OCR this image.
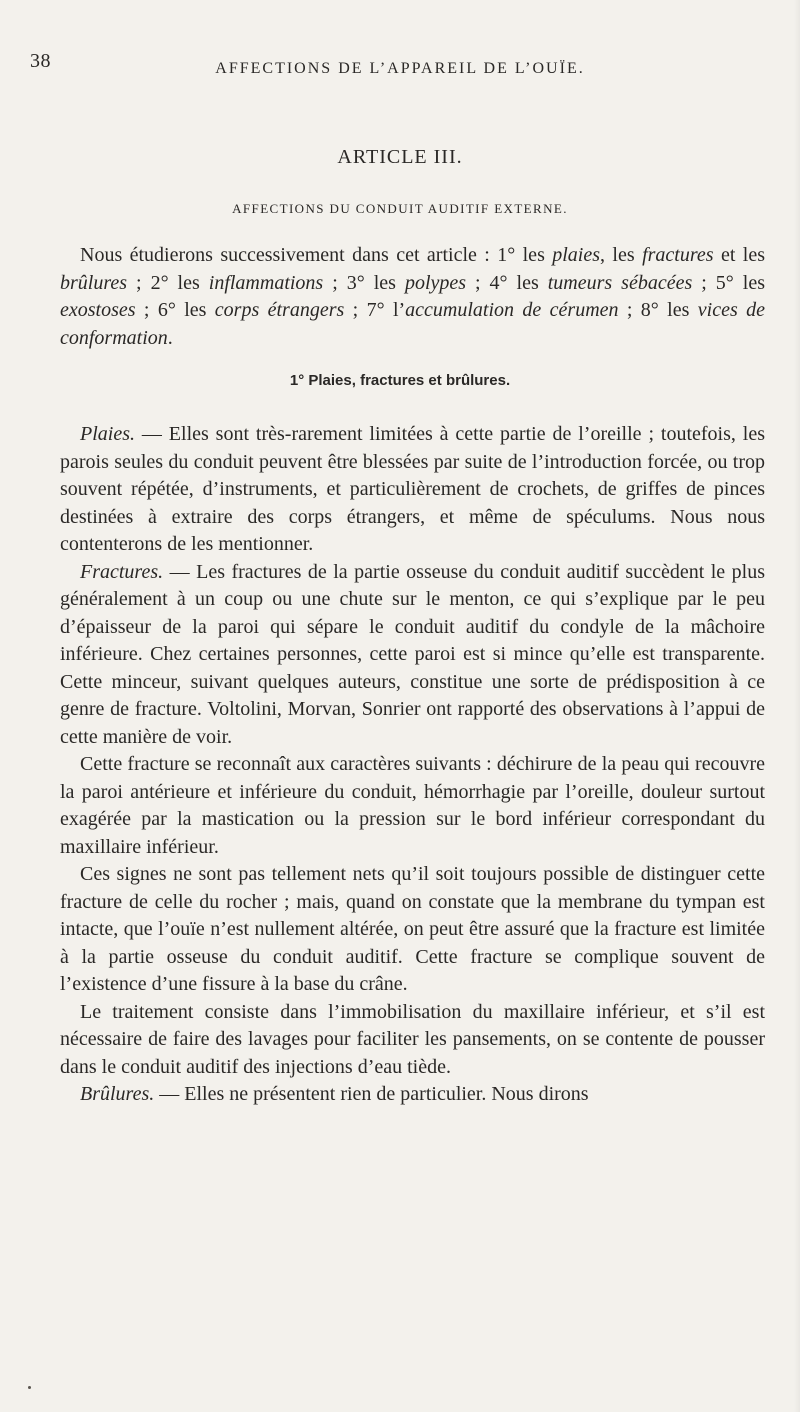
38	AFFECTIONS DE L’APPAREIL DE L’OUÏE.
ARTICLE III.
AFFECTIONS DU CONDUIT AUDITIF EXTERNE.

Nous étudierons successivement dans cet article : 1° les plaies, les fractures et les brûlures ; 2° les inflammations ; 3° les polypes ; 4° les tumeurs sébacées ; 5° les exostoses ; 6° les corps étrangers ; 7° l’accumulation de cérumen ; 8° les vices de conformation.

1° Plaies, fractures et brûlures.

Plaies. — Elles sont très-rarement limitées à cette partie de l’oreille ; toutefois, les parois seules du conduit peuvent être blessées par suite de l’introduction forcée, ou trop souvent répétée, d’instruments, et particulièrement de crochets, de griffes de pinces destinées à extraire des corps étrangers, et même de spéculums. Nous nous contenterons de les mentionner.

Fractures. — Les fractures de la partie osseuse du conduit auditif succèdent le plus généralement à un coup ou une chute sur le menton, ce qui s’explique par le peu d’épaisseur de la paroi qui sépare le conduit auditif du condyle de la mâchoire inférieure. Chez certaines personnes, cette paroi est si mince qu’elle est transparente. Cette minceur, suivant quelques auteurs, constitue une sorte de prédisposition à ce genre de fracture. Voltolini, Morvan, Sonrier ont rapporté des observations à l’appui de cette manière de voir.

Cette fracture se reconnaît aux caractères suivants : déchirure de la peau qui recouvre la paroi antérieure et inférieure du conduit, hémorrhagie par l’oreille, douleur surtout exagérée par la mastication ou la pression sur le bord inférieur correspondant du maxillaire inférieur.

Ces signes ne sont pas tellement nets qu’il soit toujours possible de distinguer cette fracture de celle du rocher ; mais, quand on constate que la membrane du tympan est intacte, que l’ouïe n’est nullement altérée, on peut être assuré que la fracture est limitée à la partie osseuse du conduit auditif. Cette fracture se complique souvent de l’existence d’une fissure à la base du crâne.

Le traitement consiste dans l’immobilisation du maxillaire inférieur, et s’il est nécessaire de faire des lavages pour faciliter les pansements, on se contente de pousser dans le conduit auditif des injections d’eau tiède.

Brûlures. — Elles ne présentent rien de particulier. Nous dirons
